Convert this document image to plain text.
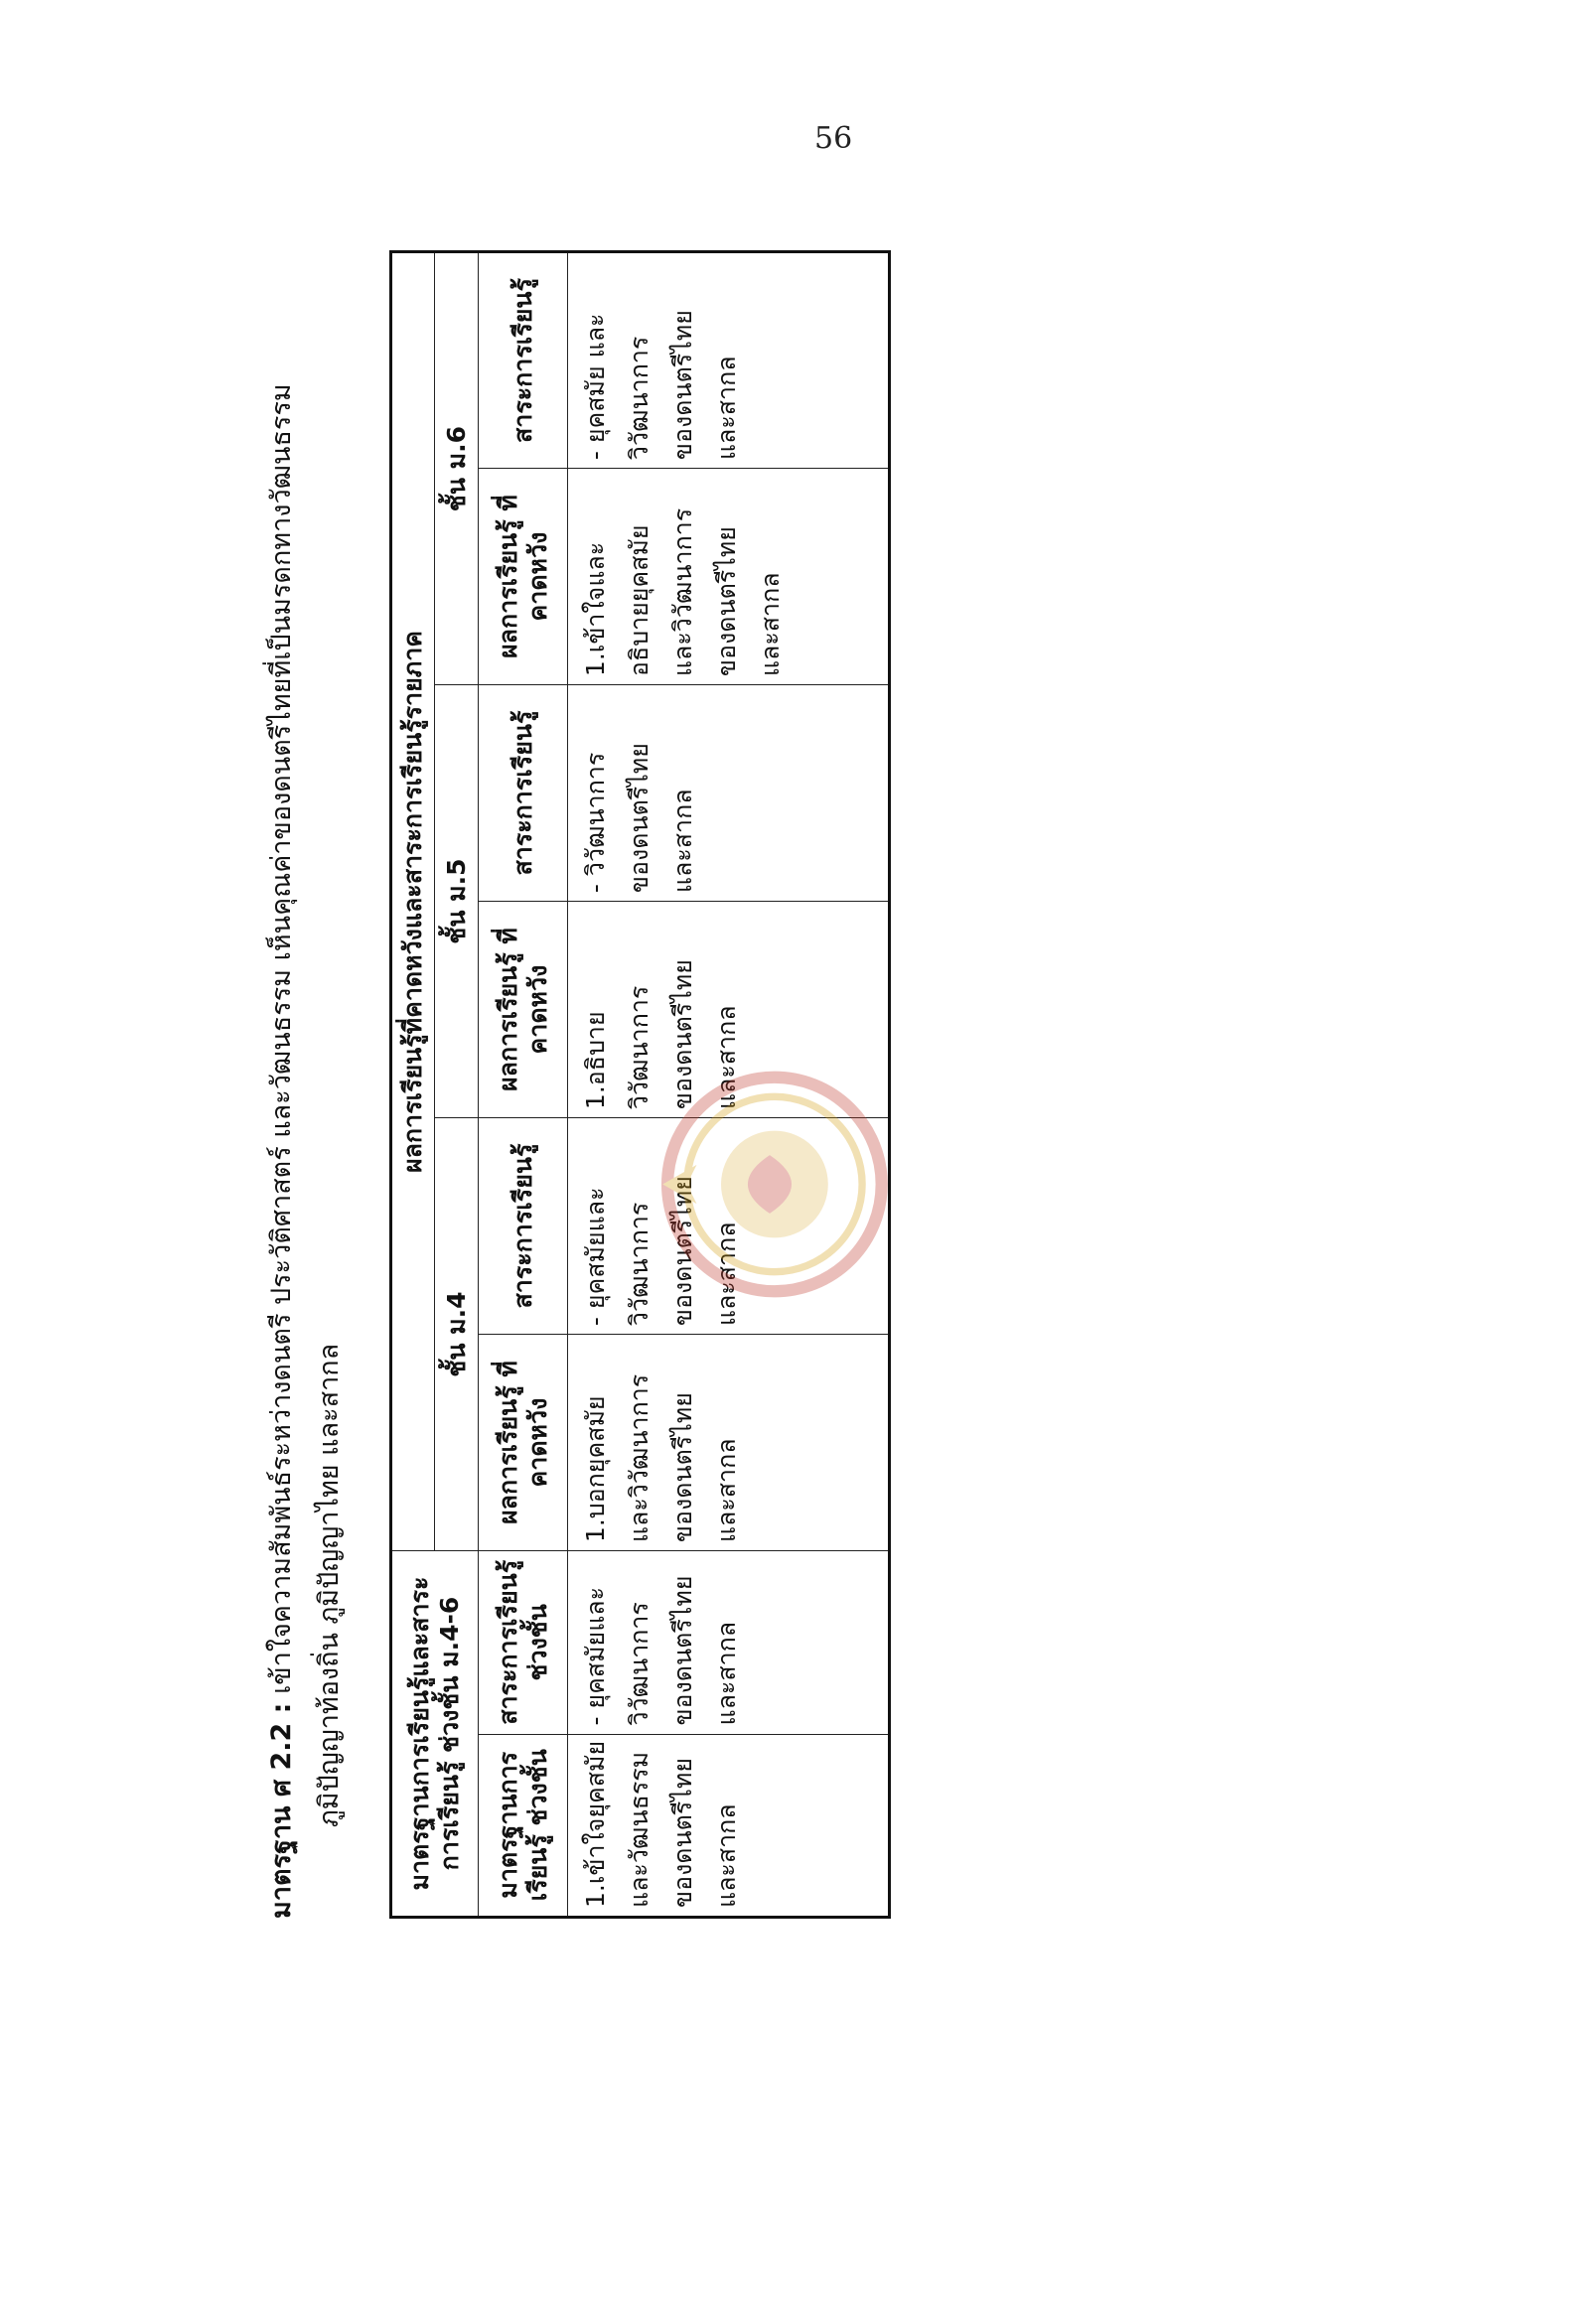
56
มาตรฐาน ศ 2.2 : เข้าใจความสัมพันธ์ระหว่างดนตรี ประวัติศาสตร์ และวัฒนธรรม เห็นคุณค่าของดนตรีไทยที่เป็นมรดกทางวัฒนธรรม ภูมิปัญญาท้องถิ่น ภูมิปัญญาไทย และสากล	มาตรฐานการเรียนรู้และสาระการเรียนรู้ ช่วงชั้น ม.4-6		ผลการเรียนรู้ที่คาดหวังและสาระการเรียนรู้รายภาค					
		ชั้น ม.4		ชั้น ม.5		ชั้น ม.6	
มาตรฐานการเรียนรู้ ช่วงชั้น	สาระการเรียนรู้ ช่วงชั้น	ผลการเรียนรู้ ที่คาดหวัง	สาระการเรียนรู้	ผลการเรียนรู้ ที่คาดหวัง	สาระการเรียนรู้	ผลการเรียนรู้ ที่คาดหวัง	สาระการเรียนรู้

1.เข้าใจยุคสมัย และวัฒนธรรม ของดนตรีไทย และสากล	- ยุคสมัยและ วิวัฒนาการ ของดนตรีไทย และสากล	1.บอกยุคสมัย และวิวัฒนาการ ของดนตรีไทย และสากล	- ยุคสมัยและ วิวัฒนาการ ของดนตรีไทย และสากล	1.อธิบาย วิวัฒนาการ ของดนตรีไทย และสากล	- วิวัฒนาการ ของดนตรีไทย และสากล	1.เข้าใจและ อธิบายยุคสมัย และวิวัฒนาการ ของดนตรีไทย และสากล	- ยุคสมัย และ วิวัฒนาการ ของดนตรีไทย และสากล
